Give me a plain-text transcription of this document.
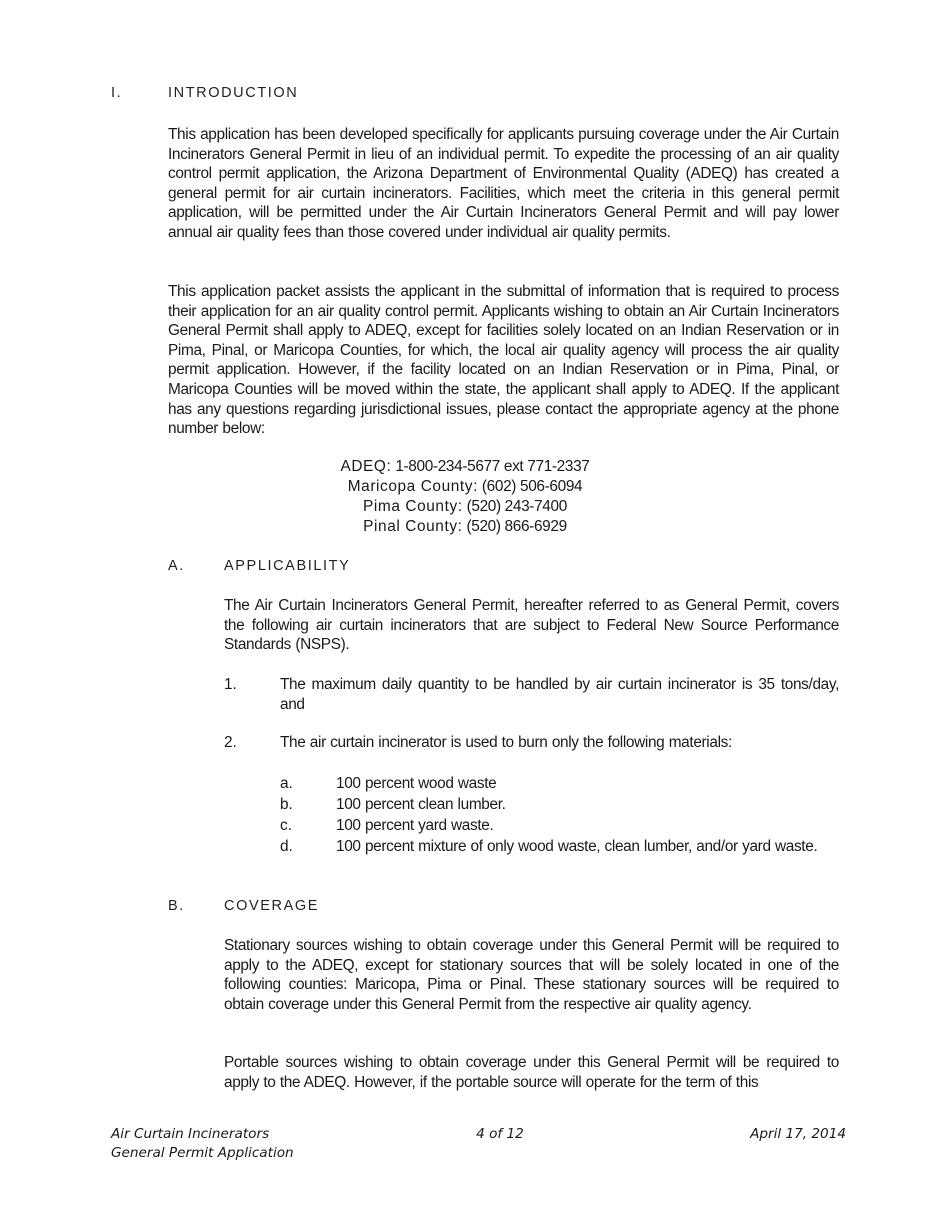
I.	INTRODUCTION

This application has been developed specifically for applicants pursuing coverage under the Air Curtain Incinerators General Permit in lieu of an individual permit. To expedite the processing of an air quality control permit application, the Arizona Department of Environmental Quality (ADEQ) has created a general permit for air curtain incinerators. Facilities, which meet the criteria in this general permit application, will be permitted under the Air Curtain Incinerators General Permit and will pay lower annual air quality fees than those covered under individual air quality permits.

This application packet assists the applicant in the submittal of information that is required to process their application for an air quality control permit. Applicants wishing to obtain an Air Curtain Incinerators General Permit shall apply to ADEQ, except for facilities solely located on an Indian Reservation or in Pima, Pinal, or Maricopa Counties, for which, the local air quality agency will process the air quality permit application. However, if the facility located on an Indian Reservation or in Pima, Pinal, or Maricopa Counties will be moved within the state, the applicant shall apply to ADEQ. If the applicant has any questions regarding jurisdictional issues, please contact the appropriate agency at the phone number below:

ADEQ: 1-800-234-5677 ext 771-2337
Maricopa County: (602) 506-6094
Pima County: (520) 243-7400
Pinal County: (520) 866-6929
A.	APPLICABILITY

The Air Curtain Incinerators General Permit, hereafter referred to as General Permit, covers the following air curtain incinerators that are subject to Federal New Source Performance Standards (NSPS).

1.	The maximum daily quantity to be handled by air curtain incinerator is 35 tons/day, and

2.	The air curtain incinerator is used to burn only the following materials:

a.	100 percent wood waste

b.	100 percent clean lumber.

c.	100 percent yard waste.

d.	100 percent mixture of only wood waste, clean lumber, and/or yard waste.

B.	COVERAGE

Stationary sources wishing to obtain coverage under this General Permit will be required to apply to the ADEQ, except for stationary sources that will be solely located in one of the following counties: Maricopa, Pima or Pinal. These stationary sources will be required to obtain coverage under this General Permit from the respective air quality agency.

Portable sources wishing to obtain coverage under this General Permit will be required to apply to the ADEQ. However, if the portable source will operate for the term of this

Air Curtain Incinerators
General Permit Application
4 of 12	April 17, 2014
